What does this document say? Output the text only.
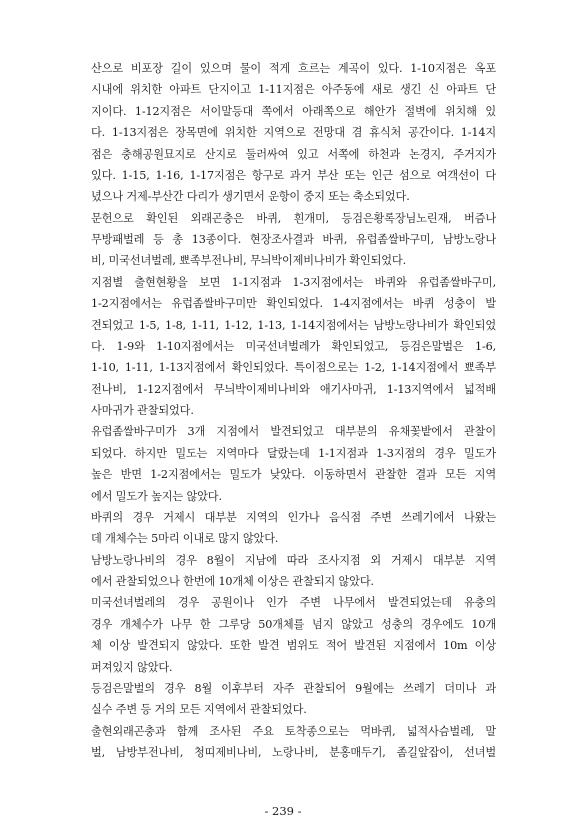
산으로 비포장 길이 있으며 물이 적게 흐르는 계곡이 있다. 1-10지점은 옥포
시내에 위치한 아파트 단지이고 1-11지점은 아주동에 새로 생긴 신 아파트 단
지이다. 1-12지점은 서이말등대 쪽에서 아래쪽으로 해안가 절벽에 위치해 있
다. 1-13지점은 장목면에 위치한 지역으로 전망대 겸 휴식처 공간이다. 1-14지
점은 충해공원묘지로 산지로 둘러싸여 있고 서쪽에 하천과 논경지, 주거지가
있다. 1-15, 1-16, 1-17지점은 항구로 과거 부산 또는 인근 섬으로 여객선이 다
녔으나 거제-부산간 다리가 생기면서 운항이 중지 또는 축소되었다.
문헌으로 확인된 외래곤충은 바퀴, 흰개미, 등검은황록장님노린재, 버즘나
무방패벌레 등 총 13종이다. 현장조사결과 바퀴, 유럽좀쌀바구미, 남방노랑나
비, 미국선녀벌레, 뾰족부전나비, 무늬박이제비나비가 확인되었다.
지점별 출현현황을 보면 1-1지점과 1-3지점에서는 바퀴와 유럽좀쌀바구미,
1-2지점에서는 유럽좀쌀바구미만 확인되었다. 1-4지점에서는 바퀴 성충이 발
견되었고 1-5, 1-8, 1-11, 1-12, 1-13, 1-14지점에서는 남방노랑나비가 확인되었
다. 1-9와 1-10지점에서는 미국선녀벌레가 확인되었고, 등검은말벌은 1-6,
1-10, 1-11, 1-13지점에서 확인되었다. 특이점으로는 1-2, 1-14지점에서 뾰족부
전나비, 1-12지점에서 무늬박이제비나비와 애기사마귀, 1-13지역에서 넓적배
사마귀가 관찰되었다.
유럽좀쌀바구미가 3개 지점에서 발견되었고 대부분의 유채꽃밭에서 관찰이
되었다. 하지만 밀도는 지역마다 달랐는데 1-1지점과 1-3지점의 경우 밀도가
높은 반면 1-2지점에서는 밀도가 낮았다. 이동하면서 관찰한 결과 모든 지역
에서 밀도가 높지는 않았다.
바퀴의 경우 거제시 대부분 지역의 인가나 음식점 주변 쓰레기에서 나왔는
데 개체수는 5마리 이내로 많지 않았다.
남방노랑나비의 경우 8월이 지남에 따라 조사지점 외 거제시 대부분 지역
에서 관찰되었으나 한번에 10개체 이상은 관찰되지 않았다.
미국선녀벌레의 경우 공원이나 인가 주변 나무에서 발견되었는데 유충의
경우 개체수가 나무 한 그루당 50개체를 넘지 않았고 성충의 경우에도 10개
체 이상 발견되지 않았다. 또한 발견 범위도 적어 발견된 지점에서 10m 이상
퍼져있지 않았다.
등검은말벌의 경우 8월 이후부터 자주 관찰되어 9월에는 쓰레기 더미나 과
실수 주변 등 거의 모든 지역에서 관찰되었다.
출현외래곤충과 함께 조사된 주요 토착종으로는 먹바퀴, 넓적사슴벌레, 말
벌, 남방부전나비, 청띠제비나비, 노랑나비, 분홍매두기, 좀길앞잡이, 선녀벌
- 239 -
